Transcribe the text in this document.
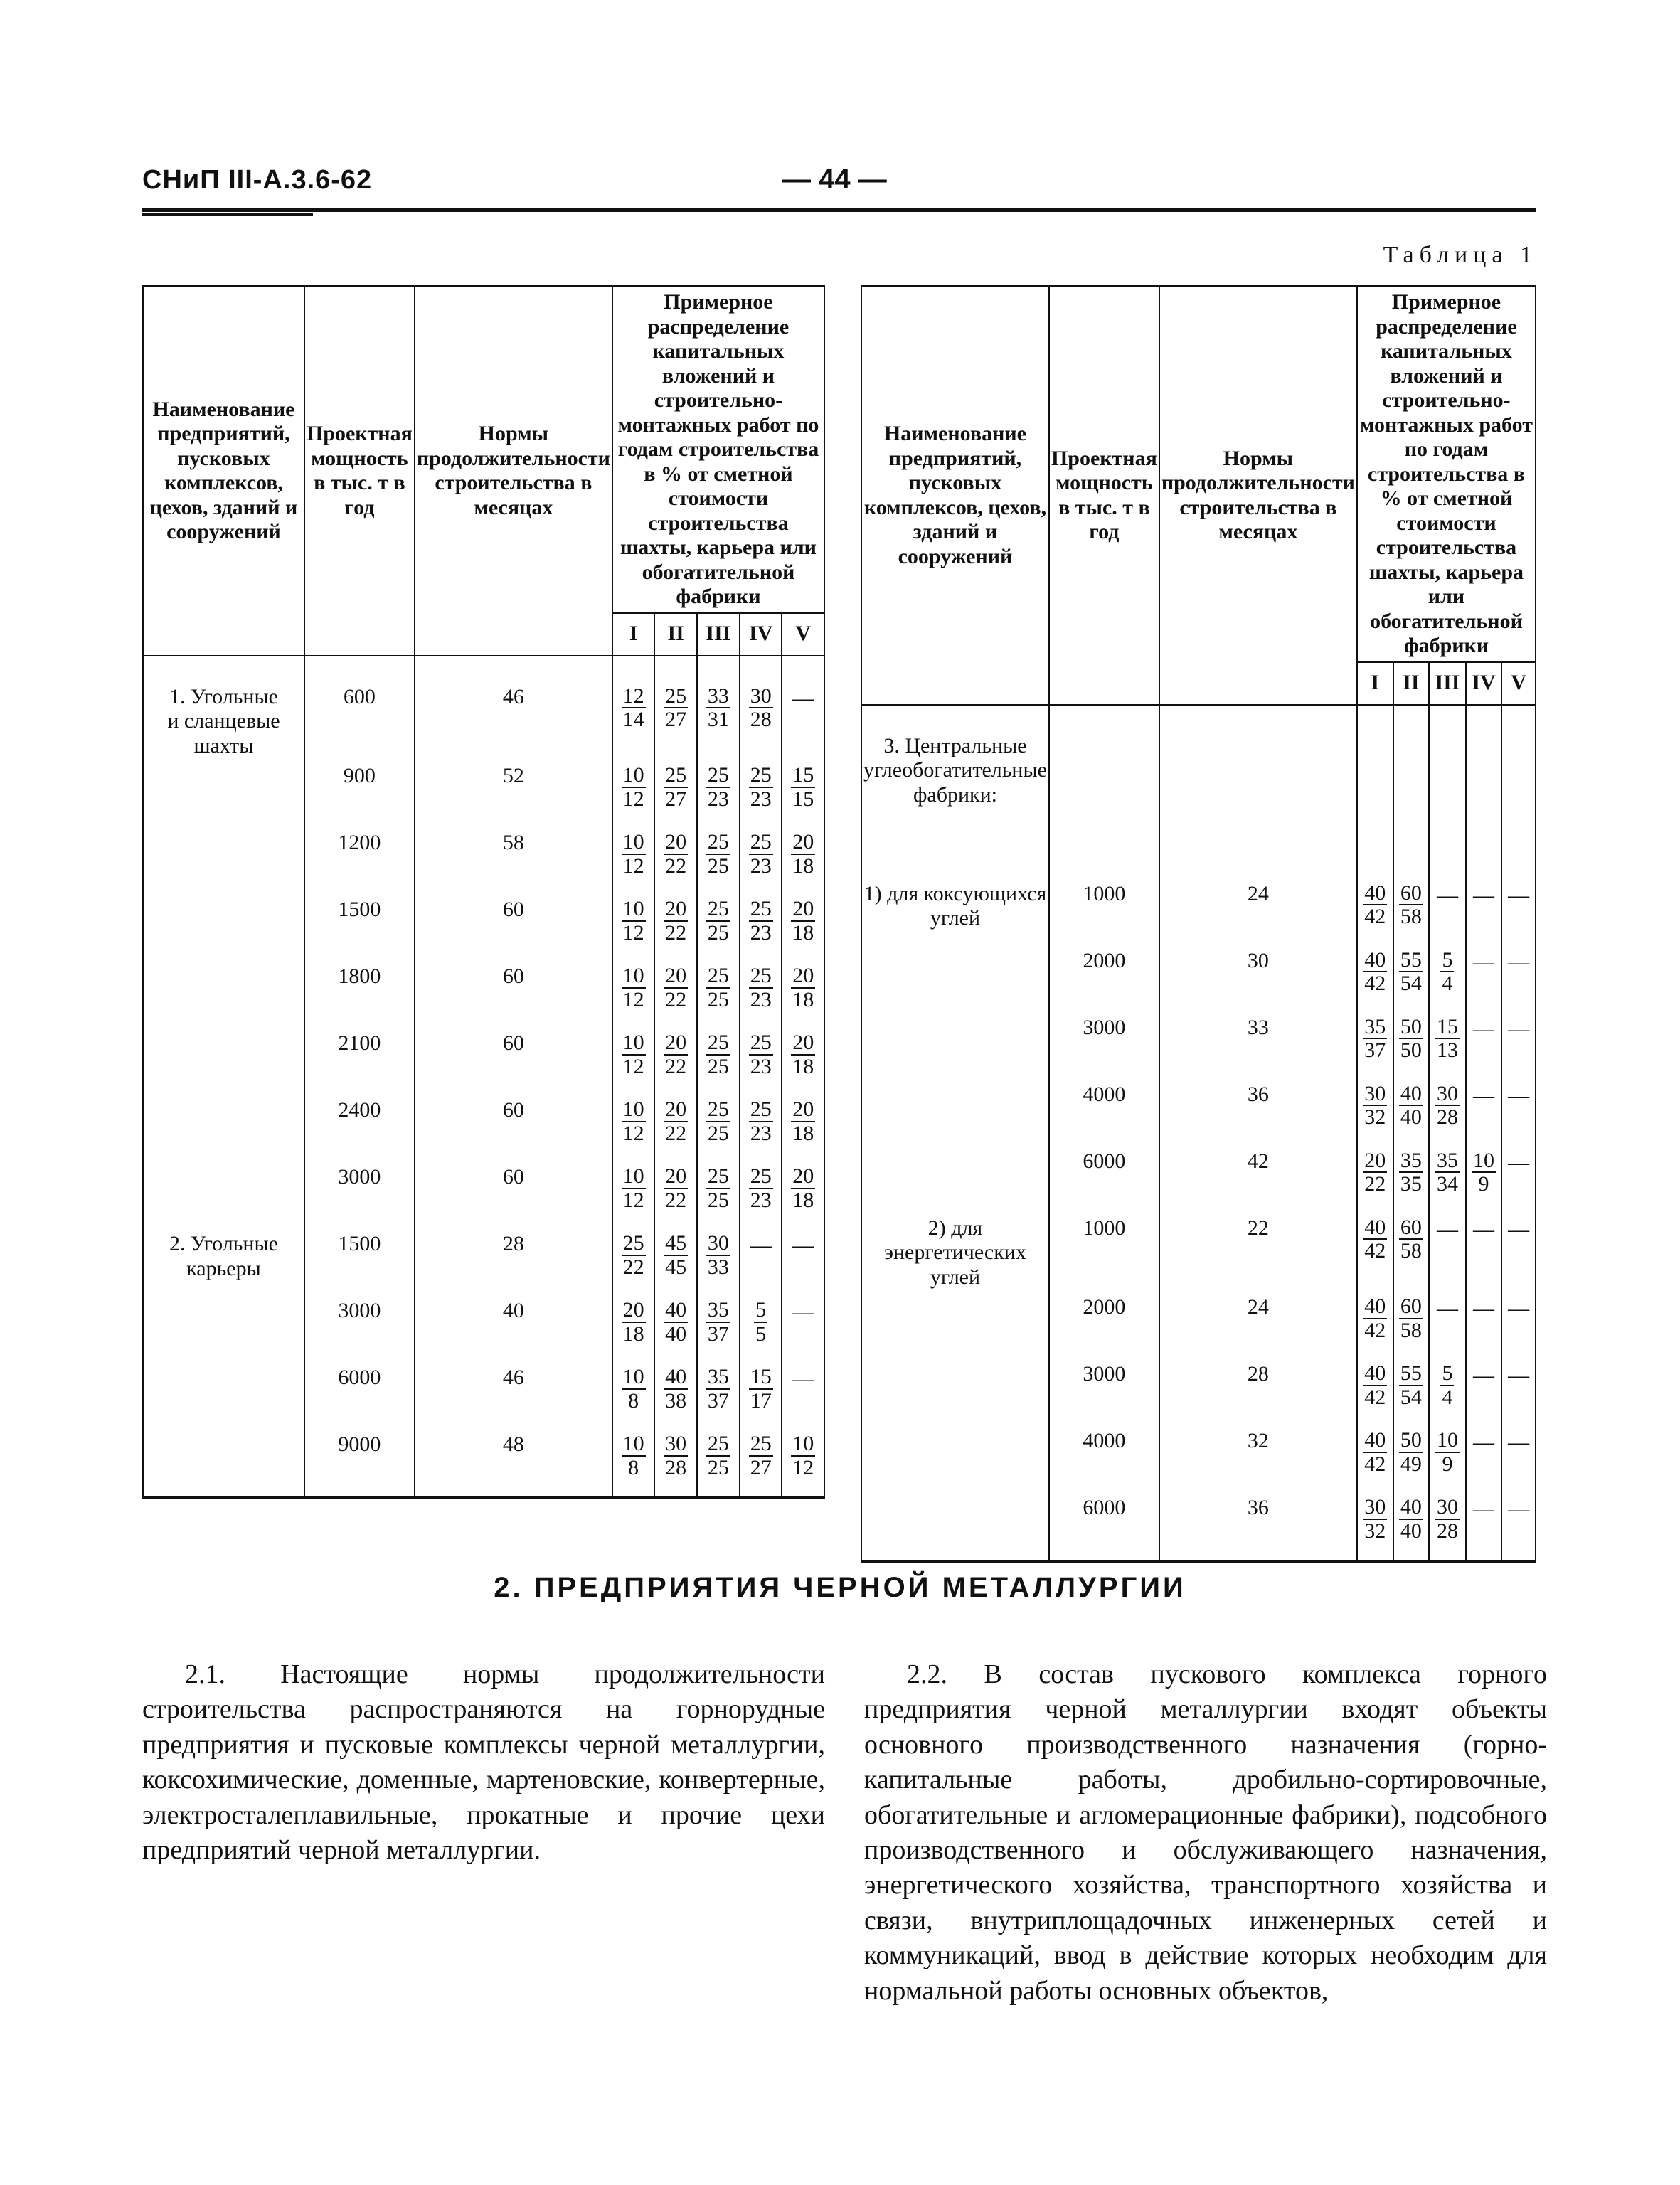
СНиП III-А.3.6-62	— 44 —
Таблица 1
Наименование предприятий, пусковых комплексов, цехов, зданий и сооружений	Проектная мощность в тыс. т в год	Нормы продолжительности строительства в месяцах	Примерное распределение капитальных вложений и строительно-монтажных работ по годам строительства в % от сметной стоимости строительства шахты, карьера или обогатительной фабрики				
			I	II	III	IV	V

1. Угольные
и сланцевые
шахты	600	46	$\frac{12}{14}$	$\frac{25}{27}$	$\frac{33}{31}$	$\frac{30}{28}$	—
	900	52	$\frac{10}{12}$	$\frac{25}{27}$	$\frac{25}{23}$	$\frac{25}{23}$	$\frac{15}{15}$

	1200	58	$\frac{10}{12}$	$\frac{20}{22}$	$\frac{25}{25}$	$\frac{25}{23}$	$\frac{20}{18}$

	1500	60	$\frac{10}{12}$	$\frac{20}{22}$	$\frac{25}{25}$	$\frac{25}{23}$	$\frac{20}{18}$

	1800	60	$\frac{10}{12}$	$\frac{20}{22}$	$\frac{25}{25}$	$\frac{25}{23}$	$\frac{20}{18}$

	2100	60	$\frac{10}{12}$	$\frac{20}{22}$	$\frac{25}{25}$	$\frac{25}{23}$	$\frac{20}{18}$

	2400	60	$\frac{10}{12}$	$\frac{20}{22}$	$\frac{25}{25}$	$\frac{25}{23}$	$\frac{20}{18}$

	3000	60	$\frac{10}{12}$	$\frac{20}{22}$	$\frac{25}{25}$	$\frac{25}{23}$	$\frac{20}{18}$

2. Угольные
карьеры	1500	28	$\frac{25}{22}$	$\frac{45}{45}$	$\frac{30}{33}$	—	—
	3000	40	$\frac{20}{18}$	$\frac{40}{40}$	$\frac{35}{37}$	$\frac{5}{5}$	—
	6000	46	$\frac{10}{8}$	$\frac{40}{38}$	$\frac{35}{37}$	$\frac{15}{17}$	—
	9000	48	$\frac{10}{8}$	$\frac{30}{28}$	$\frac{25}{25}$	$\frac{25}{27}$	$\frac{10}{12}$
Наименование предприятий, пусковых комплексов, цехов, зданий и сооружений	Проектная мощность в тыс. т в год	Нормы продолжительности строительства в месяцах	Примерное распределение капитальных вложений и строительно-монтажных работ по годам строительства в % от сметной стоимости строительства шахты, карьера или обогатительной фабрики				
			I	II	III	IV	V

3. Центральные углеобогатительные фабрики:							
1) для коксующихся углей	1000	24	$\frac{40}{42}$	$\frac{60}{58}$	—	—	—
	2000	30	$\frac{40}{42}$	$\frac{55}{54}$	$\frac{5}{4}$	—	—
	3000	33	$\frac{35}{37}$	$\frac{50}{50}$	$\frac{15}{13}$	—	—
	4000	36	$\frac{30}{32}$	$\frac{40}{40}$	$\frac{30}{28}$	—	—
	6000	42	$\frac{20}{22}$	$\frac{35}{35}$	$\frac{35}{34}$	$\frac{10}{9}$	—
2) для энергетических углей	1000	22	$\frac{40}{42}$	$\frac{60}{58}$	—	—	—
	2000	24	$\frac{40}{42}$	$\frac{60}{58}$	—	—	—
	3000	28	$\frac{40}{42}$	$\frac{55}{54}$	$\frac{5}{4}$	—	—
	4000	32	$\frac{40}{42}$	$\frac{50}{49}$	$\frac{10}{9}$	—	—
	6000	36	$\frac{30}{32}$	$\frac{40}{40}$	$\frac{30}{28}$	—	—
2. ПРЕДПРИЯТИЯ ЧЕРНОЙ МЕТАЛЛУРГИИ

2.1. Настоящие нормы продолжительности строительства распространяются на горнорудные предприятия и пусковые комплексы черной металлургии, коксохимические, доменные, мартеновские, конвертерные, электросталеплавильные, прокатные и прочие цехи предприятий черной металлургии.

2.2. В состав пускового комплекса горного предприятия черной металлургии входят объекты основного производственного назначения (горно-капитальные работы, дробильно-сортировочные, обогатительные и агломерационные фабрики), подсобного производственного и обслуживающего назначения, энергетического хозяйства, транспортного хозяйства и связи, внутриплощадочных инженерных сетей и коммуникаций, ввод в действие которых необходим для нормальной работы основных объектов,
